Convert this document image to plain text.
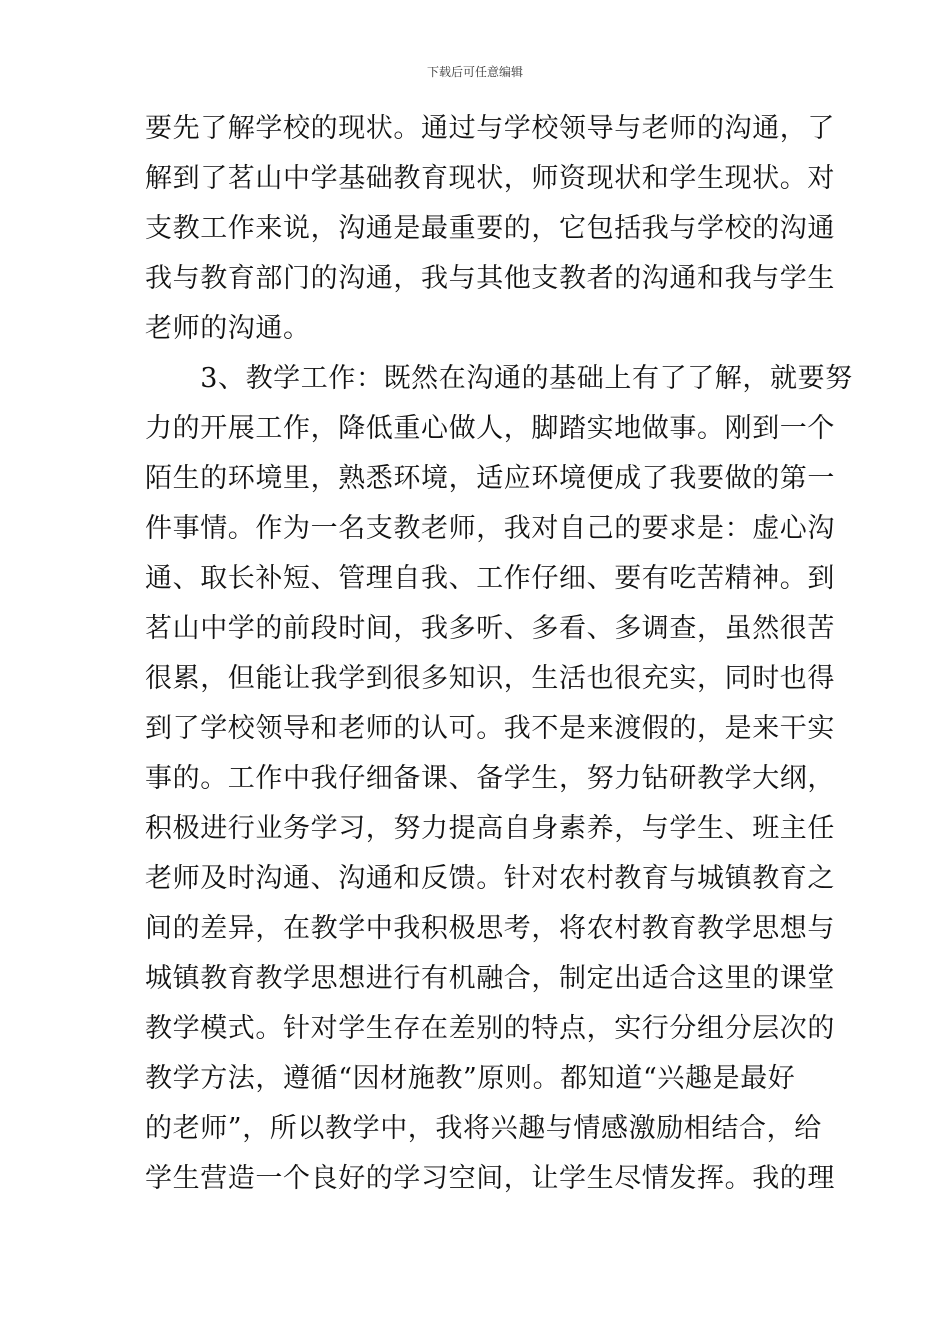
下载后可任意编辑
要先了解学校的现状。通过与学校领导与老师的沟通，了
解到了茗山中学基础教育现状，师资现状和学生现状。对
支教工作来说，沟通是最重要的，它包括我与学校的沟通
我与教育部门的沟通，我与其他支教者的沟通和我与学生
老师的沟通。
　　3、教学工作：既然在沟通的基础上有了了解，就要努
力的开展工作，降低重心做人，脚踏实地做事。刚到一个
陌生的环境里，熟悉环境，适应环境便成了我要做的第一
件事情。作为一名支教老师，我对自己的要求是：虚心沟
通、取长补短、管理自我、工作仔细、要有吃苦精神。到
茗山中学的前段时间，我多听、多看、多调查，虽然很苦
很累，但能让我学到很多知识，生活也很充实，同时也得
到了学校领导和老师的认可。我不是来渡假的，是来干实
事的。工作中我仔细备课、备学生，努力钻研教学大纲，
积极进行业务学习，努力提高自身素养，与学生、班主任
老师及时沟通、沟通和反馈。针对农村教育与城镇教育之
间的差异，在教学中我积极思考，将农村教育教学思想与
城镇教育教学思想进行有机融合，制定出适合这里的课堂
教学模式。针对学生存在差别的特点，实行分组分层次的
教学方法，遵循“因材施教”原则。都知道“兴趣是最好
的老师”，所以教学中，我将兴趣与情感激励相结合，给
学生营造一个良好的学习空间，让学生尽情发挥。我的理
